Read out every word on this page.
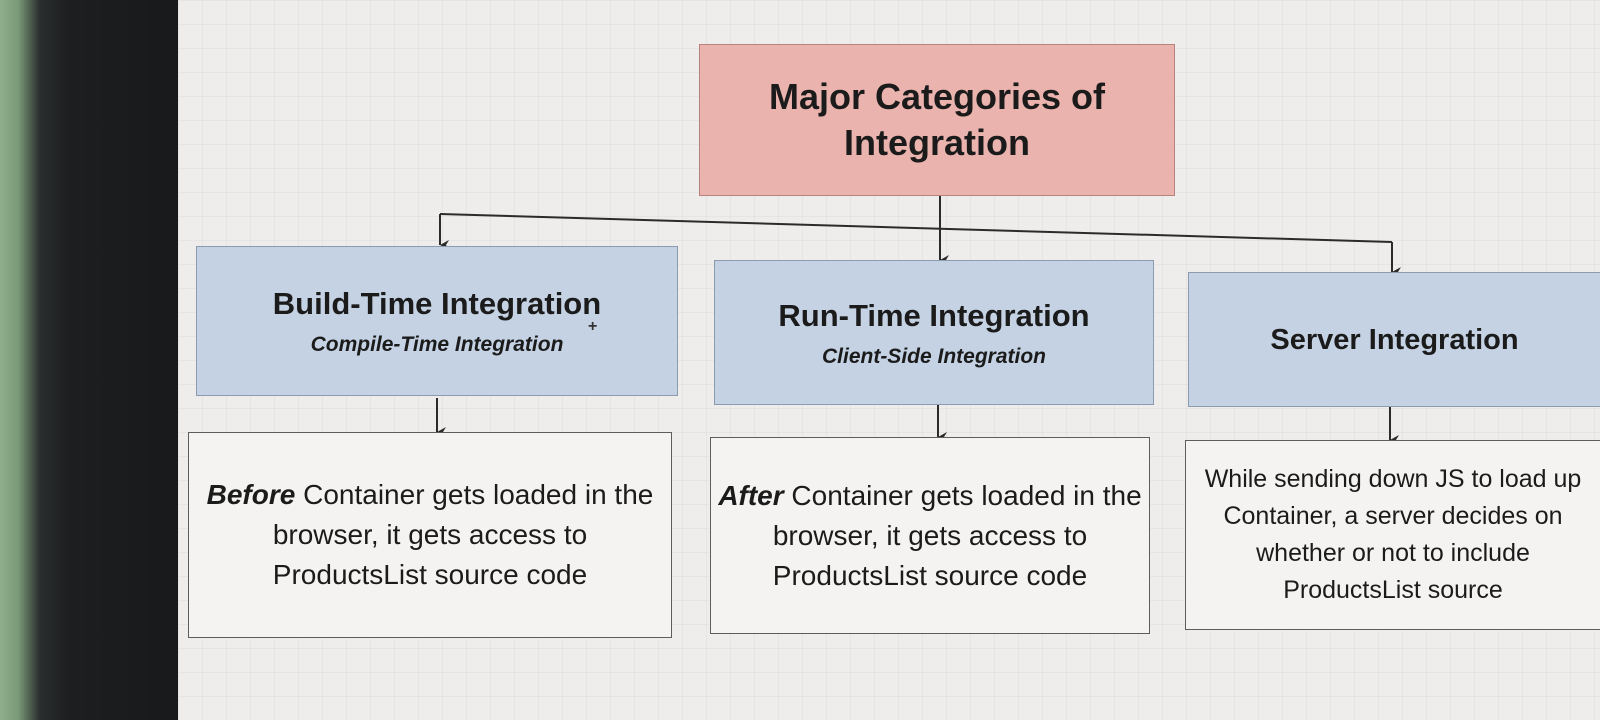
Major Categories of Integration
Build-Time Integration
Compile-Time Integration
Run-Time Integration
Client-Side Integration
Server Integration
Before Container gets loaded in the browser, it gets access to ProductsList source code
After Container gets loaded in the browser, it gets access to ProductsList source code
While sending down JS to load up Container, a server decides on whether or not to include ProductsList source
+
